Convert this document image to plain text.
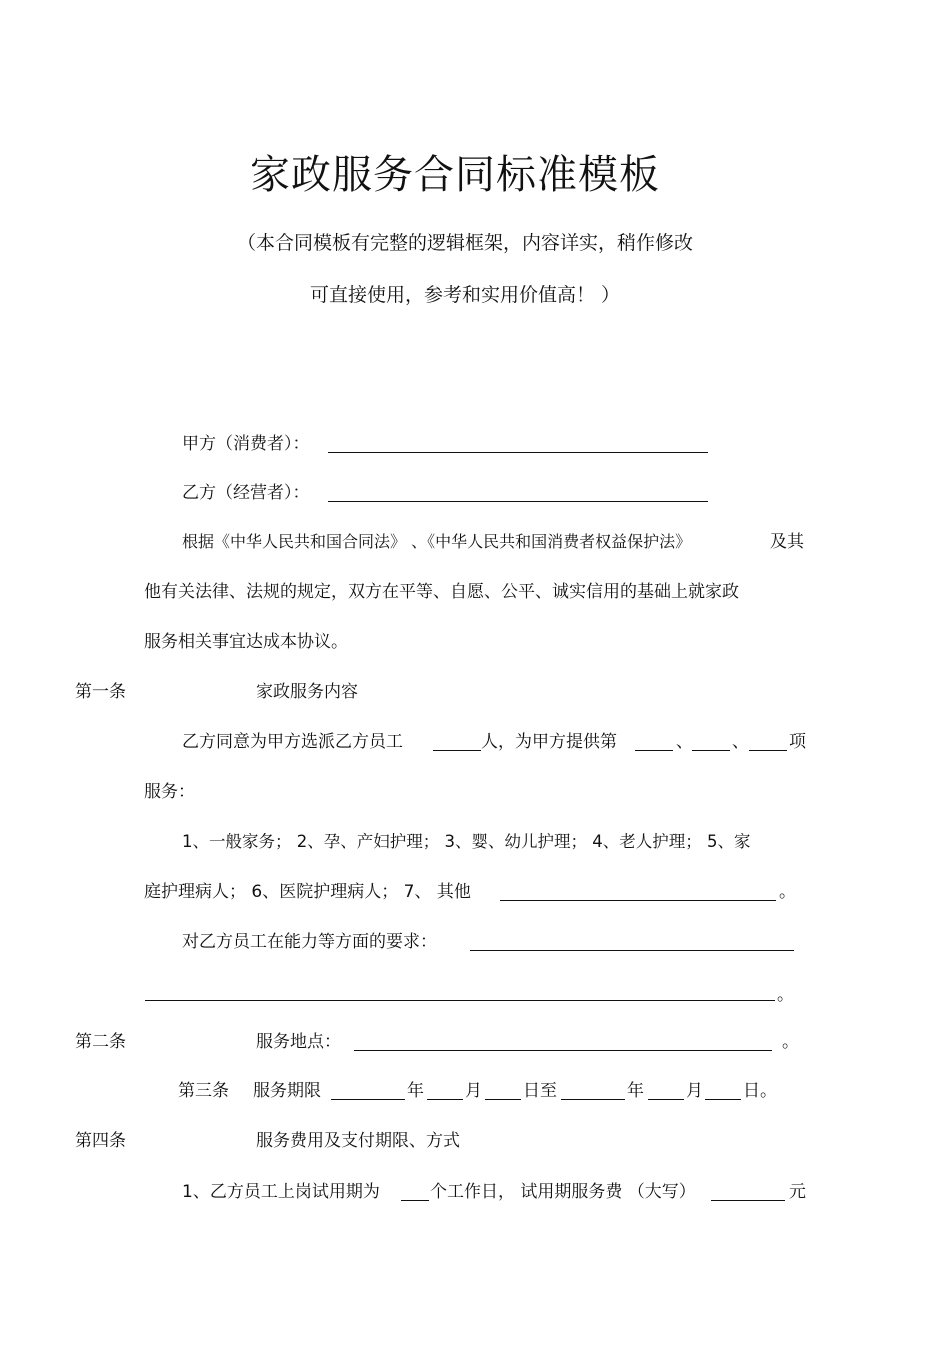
家政服务合同标准模板
（本合同模板有完整的逻辑框架，内容详实，稍作修改
可直接使用，参考和实用价值高！ ）
甲方（消费者）：
乙方（经营者）：
根据《中华人民共和国合同法》 、《中华人民共和国消费者权益保护法》	及其
他有关法律、法规的规定，双方在平等、自愿、公平、诚实信用的基础上就家政
服务相关事宜达成本协议。
第一条	家政服务内容
乙方同意为甲方选派乙方员工	人，为甲方提供第	、 、 项
服务：
1、一般家务； 2、孕、产妇护理； 3、婴、幼儿护理； 4、老人护理； 5、家
庭护理病人； 6、医院护理病人； 7、 其他	。
对乙方员工在能力等方面的要求：
。
第二条	服务地点：	。
第三条 服务期限	年 月 日至	年 月 日。
第四条	服务费用及支付期限、方式
1、乙方员工上岗试用期为	个工作日， 试用期服务费 （大写）	元
